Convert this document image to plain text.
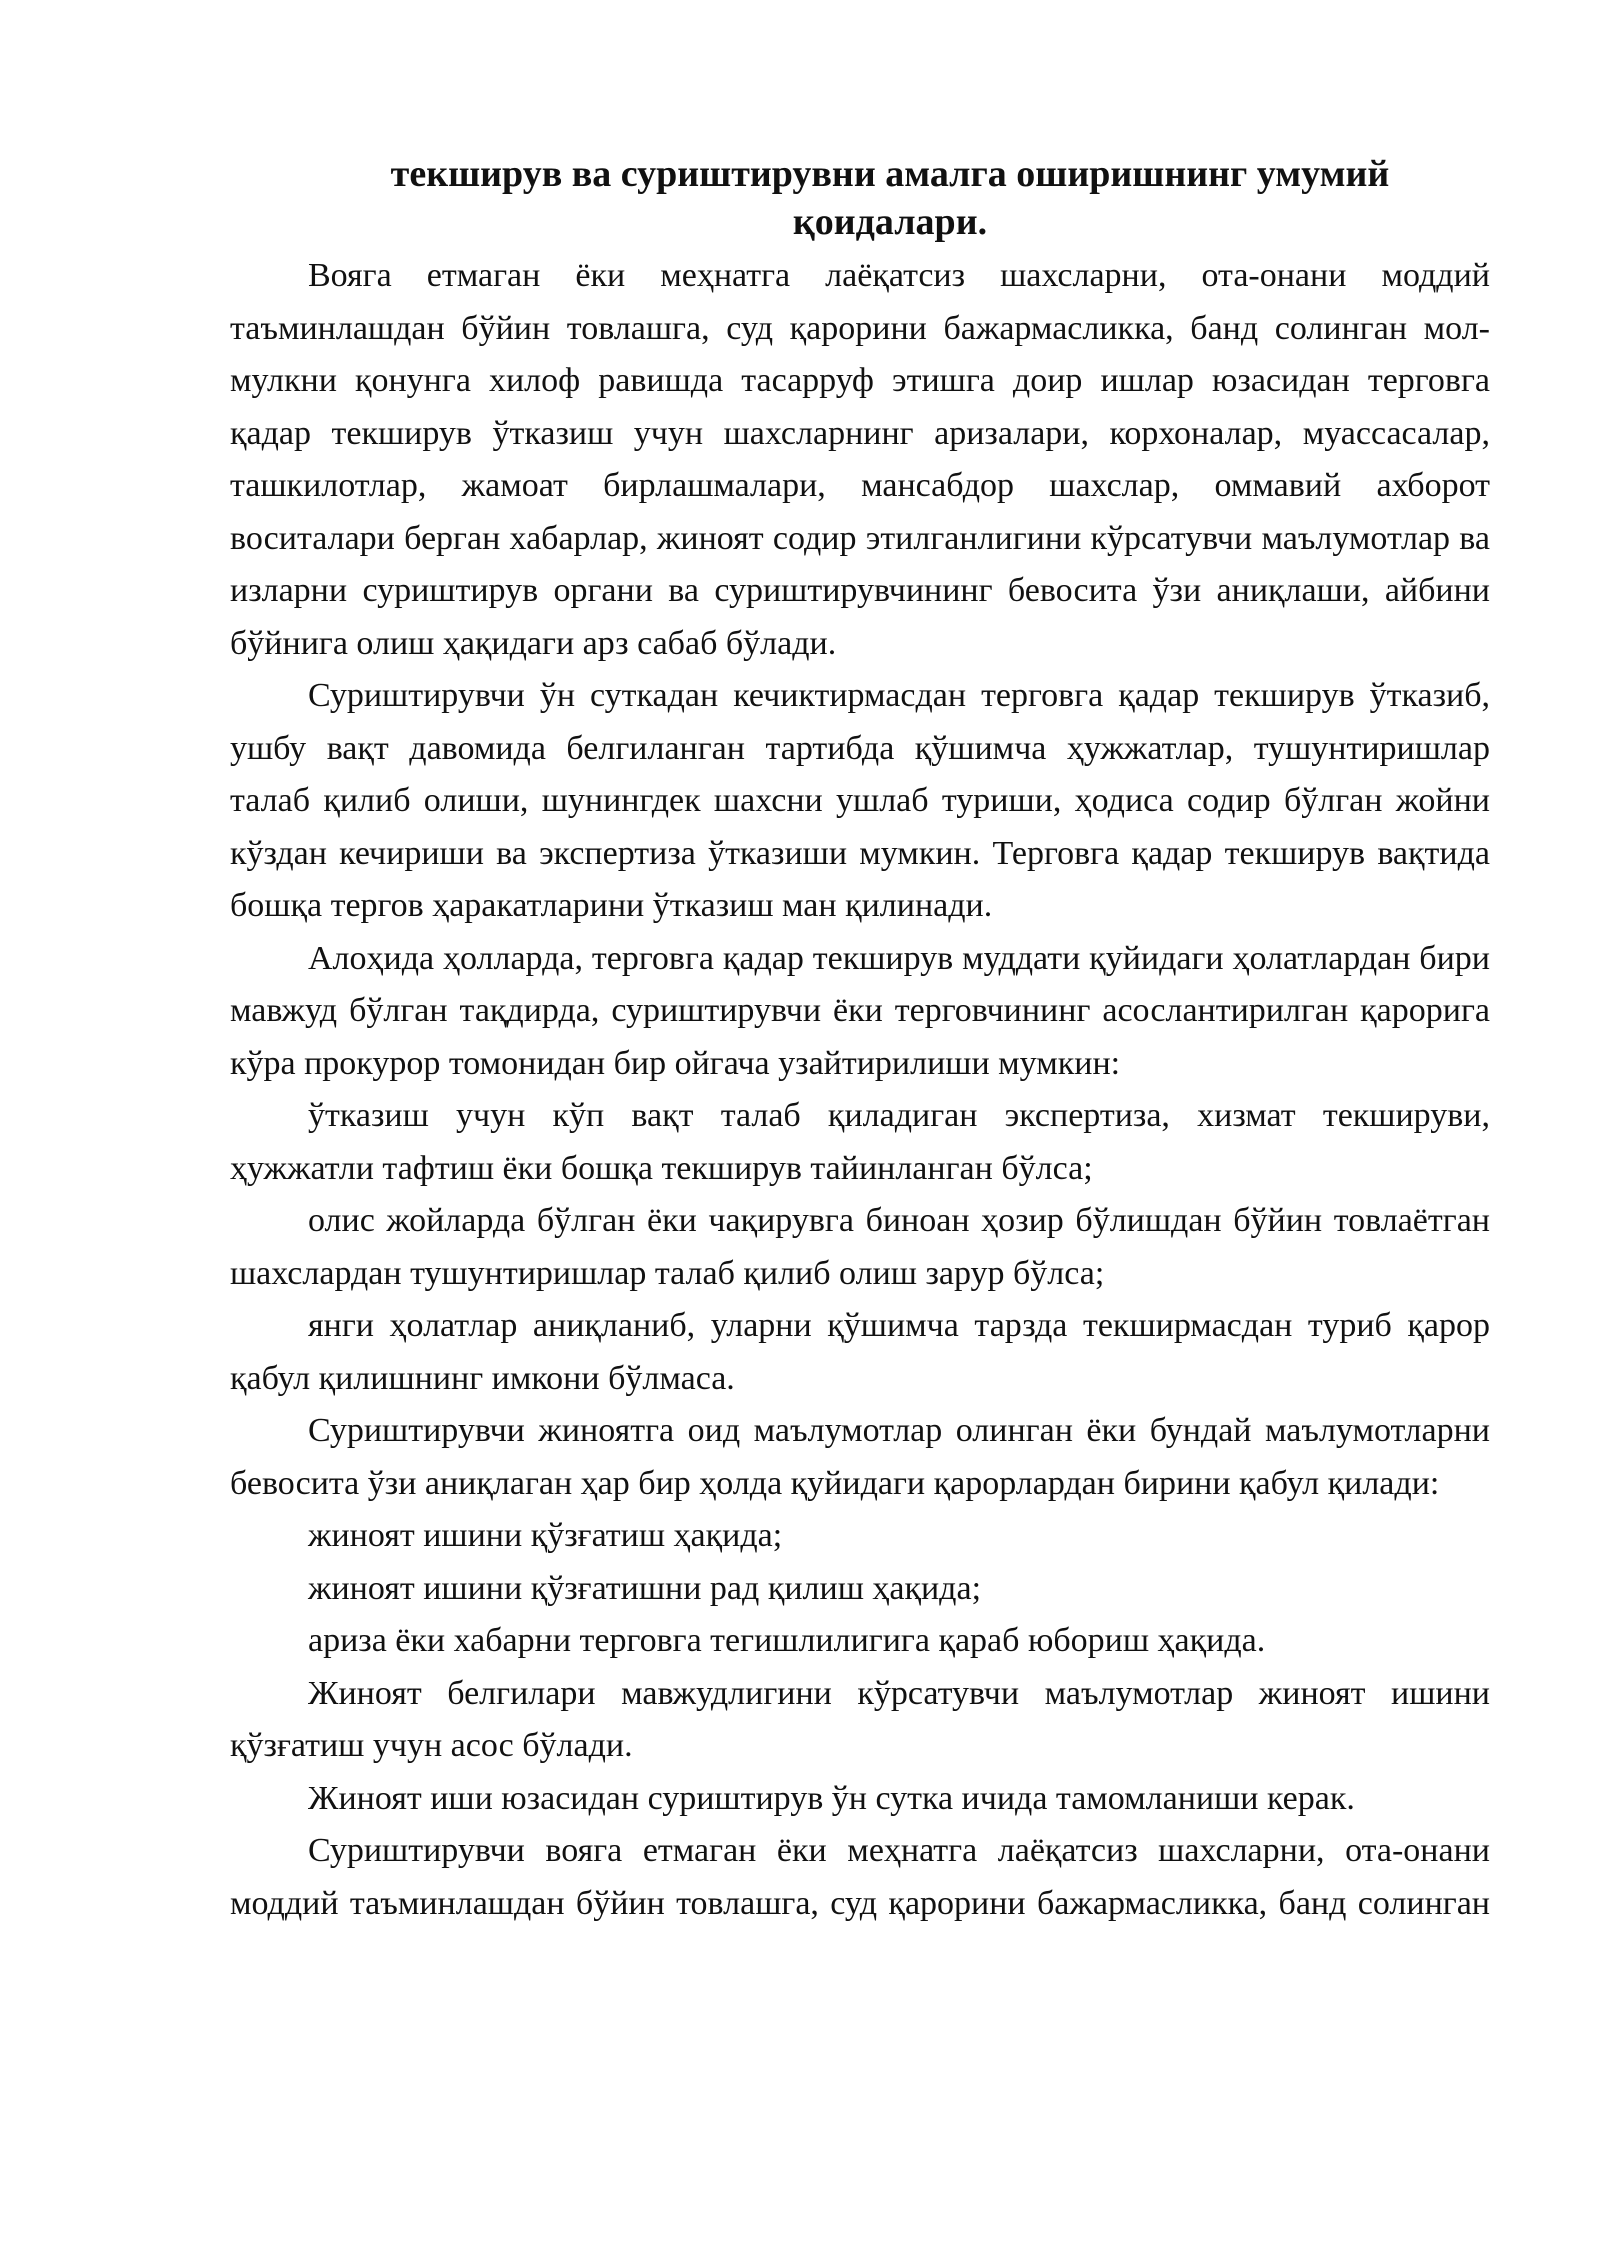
текширув ва суриштирувни амалга оширишнинг умумий қоидалари.

Вояга етмаган ёки меҳнатга лаёқатсиз шахсларни, ота-онани моддий таъминлашдан бўйин товлашга, суд қарорини бажармасликка, банд солинган мол-мулкни қонунга хилоф равишда тасарруф этишга доир ишлар юзасидан терговга қадар текширув ўтказиш учун шахсларнинг аризалари, корхоналар, муассасалар, ташкилотлар, жамоат бирлашмалари, мансабдор шахслар, оммавий ахборот воситалари берган хабарлар, жиноят содир этилганлигини кўрсатувчи маълумотлар ва изларни суриштирув органи ва суриштирувчининг бевосита ўзи аниқлаши, айбини бўйнига олиш ҳақидаги арз сабаб бўлади.

Суриштирувчи ўн суткадан кечиктирмасдан терговга қадар текширув ўтказиб, ушбу вақт давомида белгиланган тартибда қўшимча ҳужжатлар, тушунтиришлар талаб қилиб олиши, шунингдек шахсни ушлаб туриши, ҳодиса содир бўлган жойни кўздан кечириши ва экспертиза ўтказиши мумкин. Терговга қадар текширув вақтида бошқа тергов ҳаракатларини ўтказиш ман қилинади.

Алоҳида ҳолларда, терговга қадар текширув муддати қуйидаги ҳолатлардан бири мавжуд бўлган тақдирда, суриштирувчи ёки терговчининг асослантирилган қарорига кўра прокурор томонидан бир ойгача узайтирилиши мумкин:

ўтказиш учун кўп вақт талаб қиладиган экспертиза, хизмат текшируви, ҳужжатли тафтиш ёки бошқа текширув тайинланган бўлса;

олис жойларда бўлган ёки чақирувга биноан ҳозир бўлишдан бўйин товлаётган шахслардан тушунтиришлар талаб қилиб олиш зарур бўлса;

янги ҳолатлар аниқланиб, уларни қўшимча тарзда текширмасдан туриб қарор қабул қилишнинг имкони бўлмаса.

Суриштирувчи жиноятга оид маълумотлар олинган ёки бундай маълумотларни бевосита ўзи аниқлаган ҳар бир ҳолда қуйидаги қарорлардан бирини қабул қилади:

жиноят ишини қўзғатиш ҳақида;

жиноят ишини қўзғатишни рад қилиш ҳақида;

ариза ёки хабарни терговга тегишлилигига қараб юбориш ҳақида.

Жиноят белгилари мавжудлигини кўрсатувчи маълумотлар жиноят ишини қўзғатиш учун асос бўлади.

Жиноят иши юзасидан суриштирув ўн сутка ичида тамомланиши керак.

Суриштирувчи вояга етмаган ёки меҳнатга лаёқатсиз шахсларни, ота-онани моддий таъминлашдан бўйин товлашга, суд қарорини бажармасликка, банд солинган
